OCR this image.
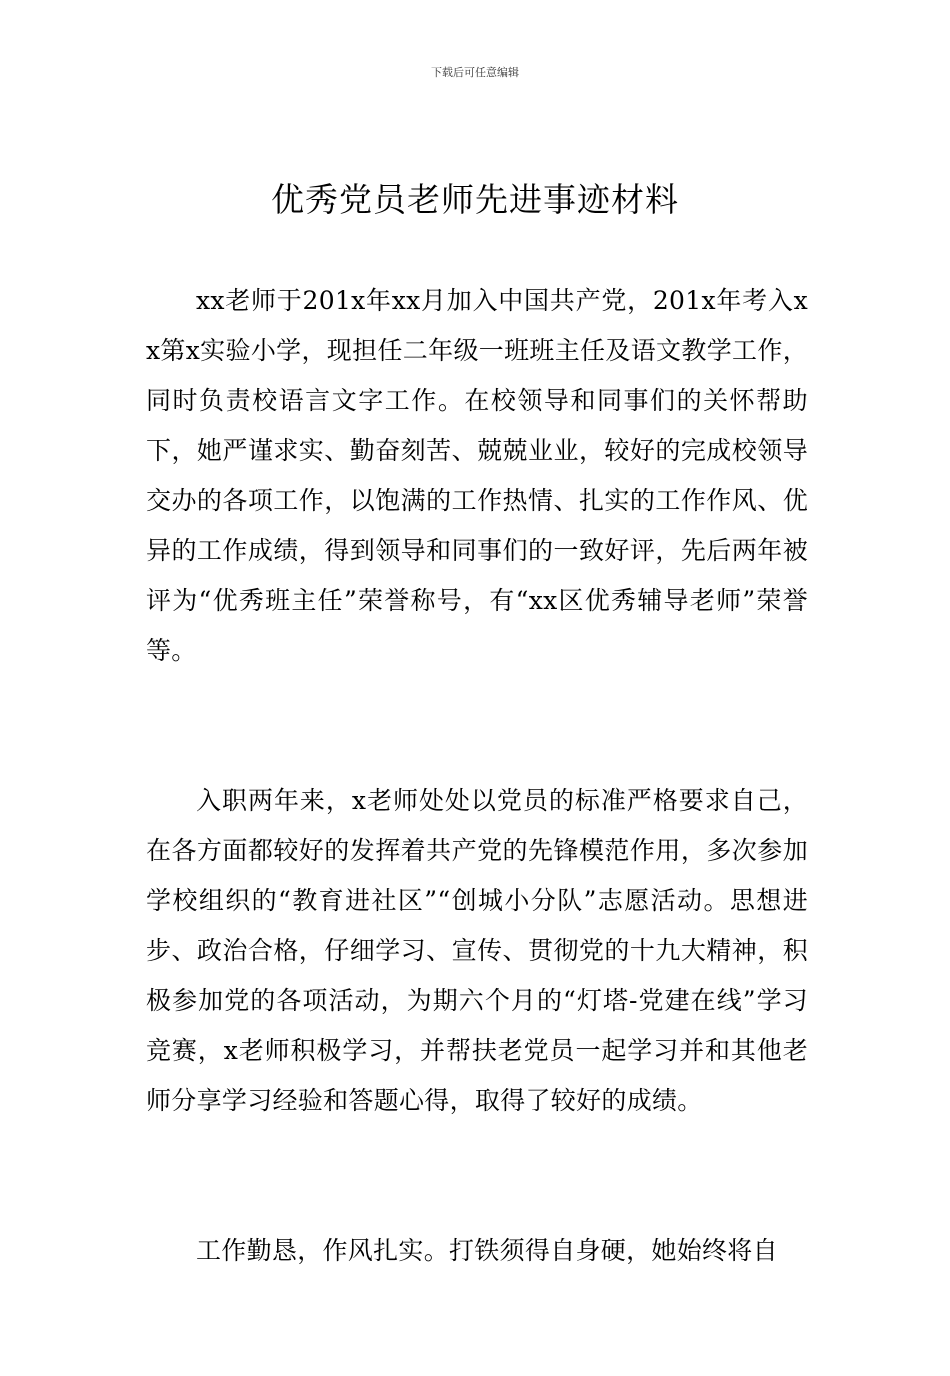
下载后可任意编辑
优秀党员老师先进事迹材料

xx老师于201x年xx月加入中国共产党，201x年考入xx第x实验小学，现担任二年级一班班主任及语文教学工作，同时负责校语言文字工作。在校领导和同事们的关怀帮助下，她严谨求实、勤奋刻苦、兢兢业业，较好的完成校领导交办的各项工作，以饱满的工作热情、扎实的工作作风、优异的工作成绩，得到领导和同事们的一致好评，先后两年被评为“优秀班主任”荣誉称号，有“xx区优秀辅导老师”荣誉等。

入职两年来，x老师处处以党员的标准严格要求自己，在各方面都较好的发挥着共产党的先锋模范作用，多次参加学校组织的“教育进社区”“创城小分队”志愿活动。思想进步、政治合格，仔细学习、宣传、贯彻党的十九大精神，积极参加党的各项活动，为期六个月的“灯塔-党建在线”学习竞赛，x老师积极学习，并帮扶老党员一起学习并和其他老师分享学习经验和答题心得，取得了较好的成绩。

工作勤恳，作风扎实。打铁须得自身硬，她始终将自
